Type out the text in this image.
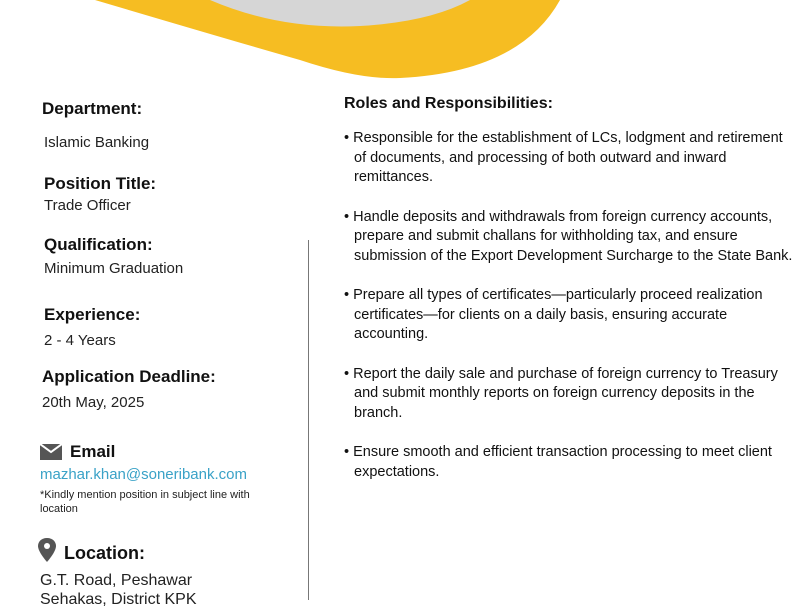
Department:
Islamic Banking
Position Title:
Trade Officer
Qualification:
Minimum Graduation
Experience:
2 - 4 Years
Application Deadline:
20th May, 2025
Email
mazhar.khan@soneribank.com
*Kindly mention position in subject line with location
Location:
G.T. Road, Peshawar
Sehakas, District KPK
Roles and Responsibilities:
• Responsible for the establishment of LCs, lodgment and retirement of documents, and processing of both outward and inward remittances.
• Handle deposits and withdrawals from foreign currency accounts, prepare and submit challans for withholding tax, and ensure submission of the Export Development Surcharge to the State Bank.
• Prepare all types of certificates—particularly proceed realization certificates—for clients on a daily basis, ensuring accurate accounting.
• Report the daily sale and purchase of foreign currency to Treasury and submit monthly reports on foreign currency deposits in the branch.
• Ensure smooth and efficient transaction processing to meet client expectations.
